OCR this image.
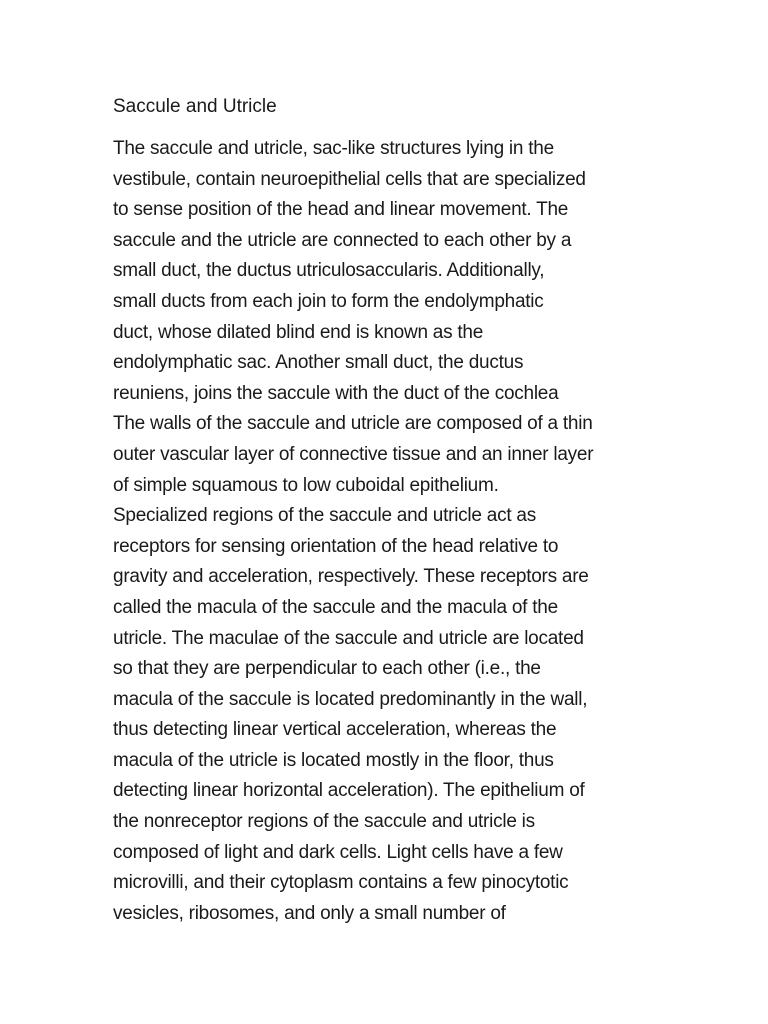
Saccule and Utricle
The saccule and utricle, sac-like structures lying in the
vestibule, contain neuroepithelial cells that are specialized
to sense position of the head and linear movement. The
saccule and the utricle are connected to each other by a
small duct, the ductus utriculosaccularis. Additionally,
small ducts from each join to form the endolymphatic
duct, whose dilated blind end is known as the
endolymphatic sac. Another small duct, the ductus
reuniens, joins the saccule with the duct of the cochlea
The walls of the saccule and utricle are composed of a thin
outer vascular layer of connective tissue and an inner layer
of simple squamous to low cuboidal epithelium.
Specialized regions of the saccule and utricle act as
receptors for sensing orientation of the head relative to
gravity and acceleration, respectively. These receptors are
called the macula of the saccule and the macula of the
utricle. The maculae of the saccule and utricle are located
so that they are perpendicular to each other (i.e., the
macula of the saccule is located predominantly in the wall,
thus detecting linear vertical acceleration, whereas the
macula of the utricle is located mostly in the floor, thus
detecting linear horizontal acceleration). The epithelium of
the nonreceptor regions of the saccule and utricle is
composed of light and dark cells. Light cells have a few
microvilli, and their cytoplasm contains a few pinocytotic
vesicles, ribosomes, and only a small number of
